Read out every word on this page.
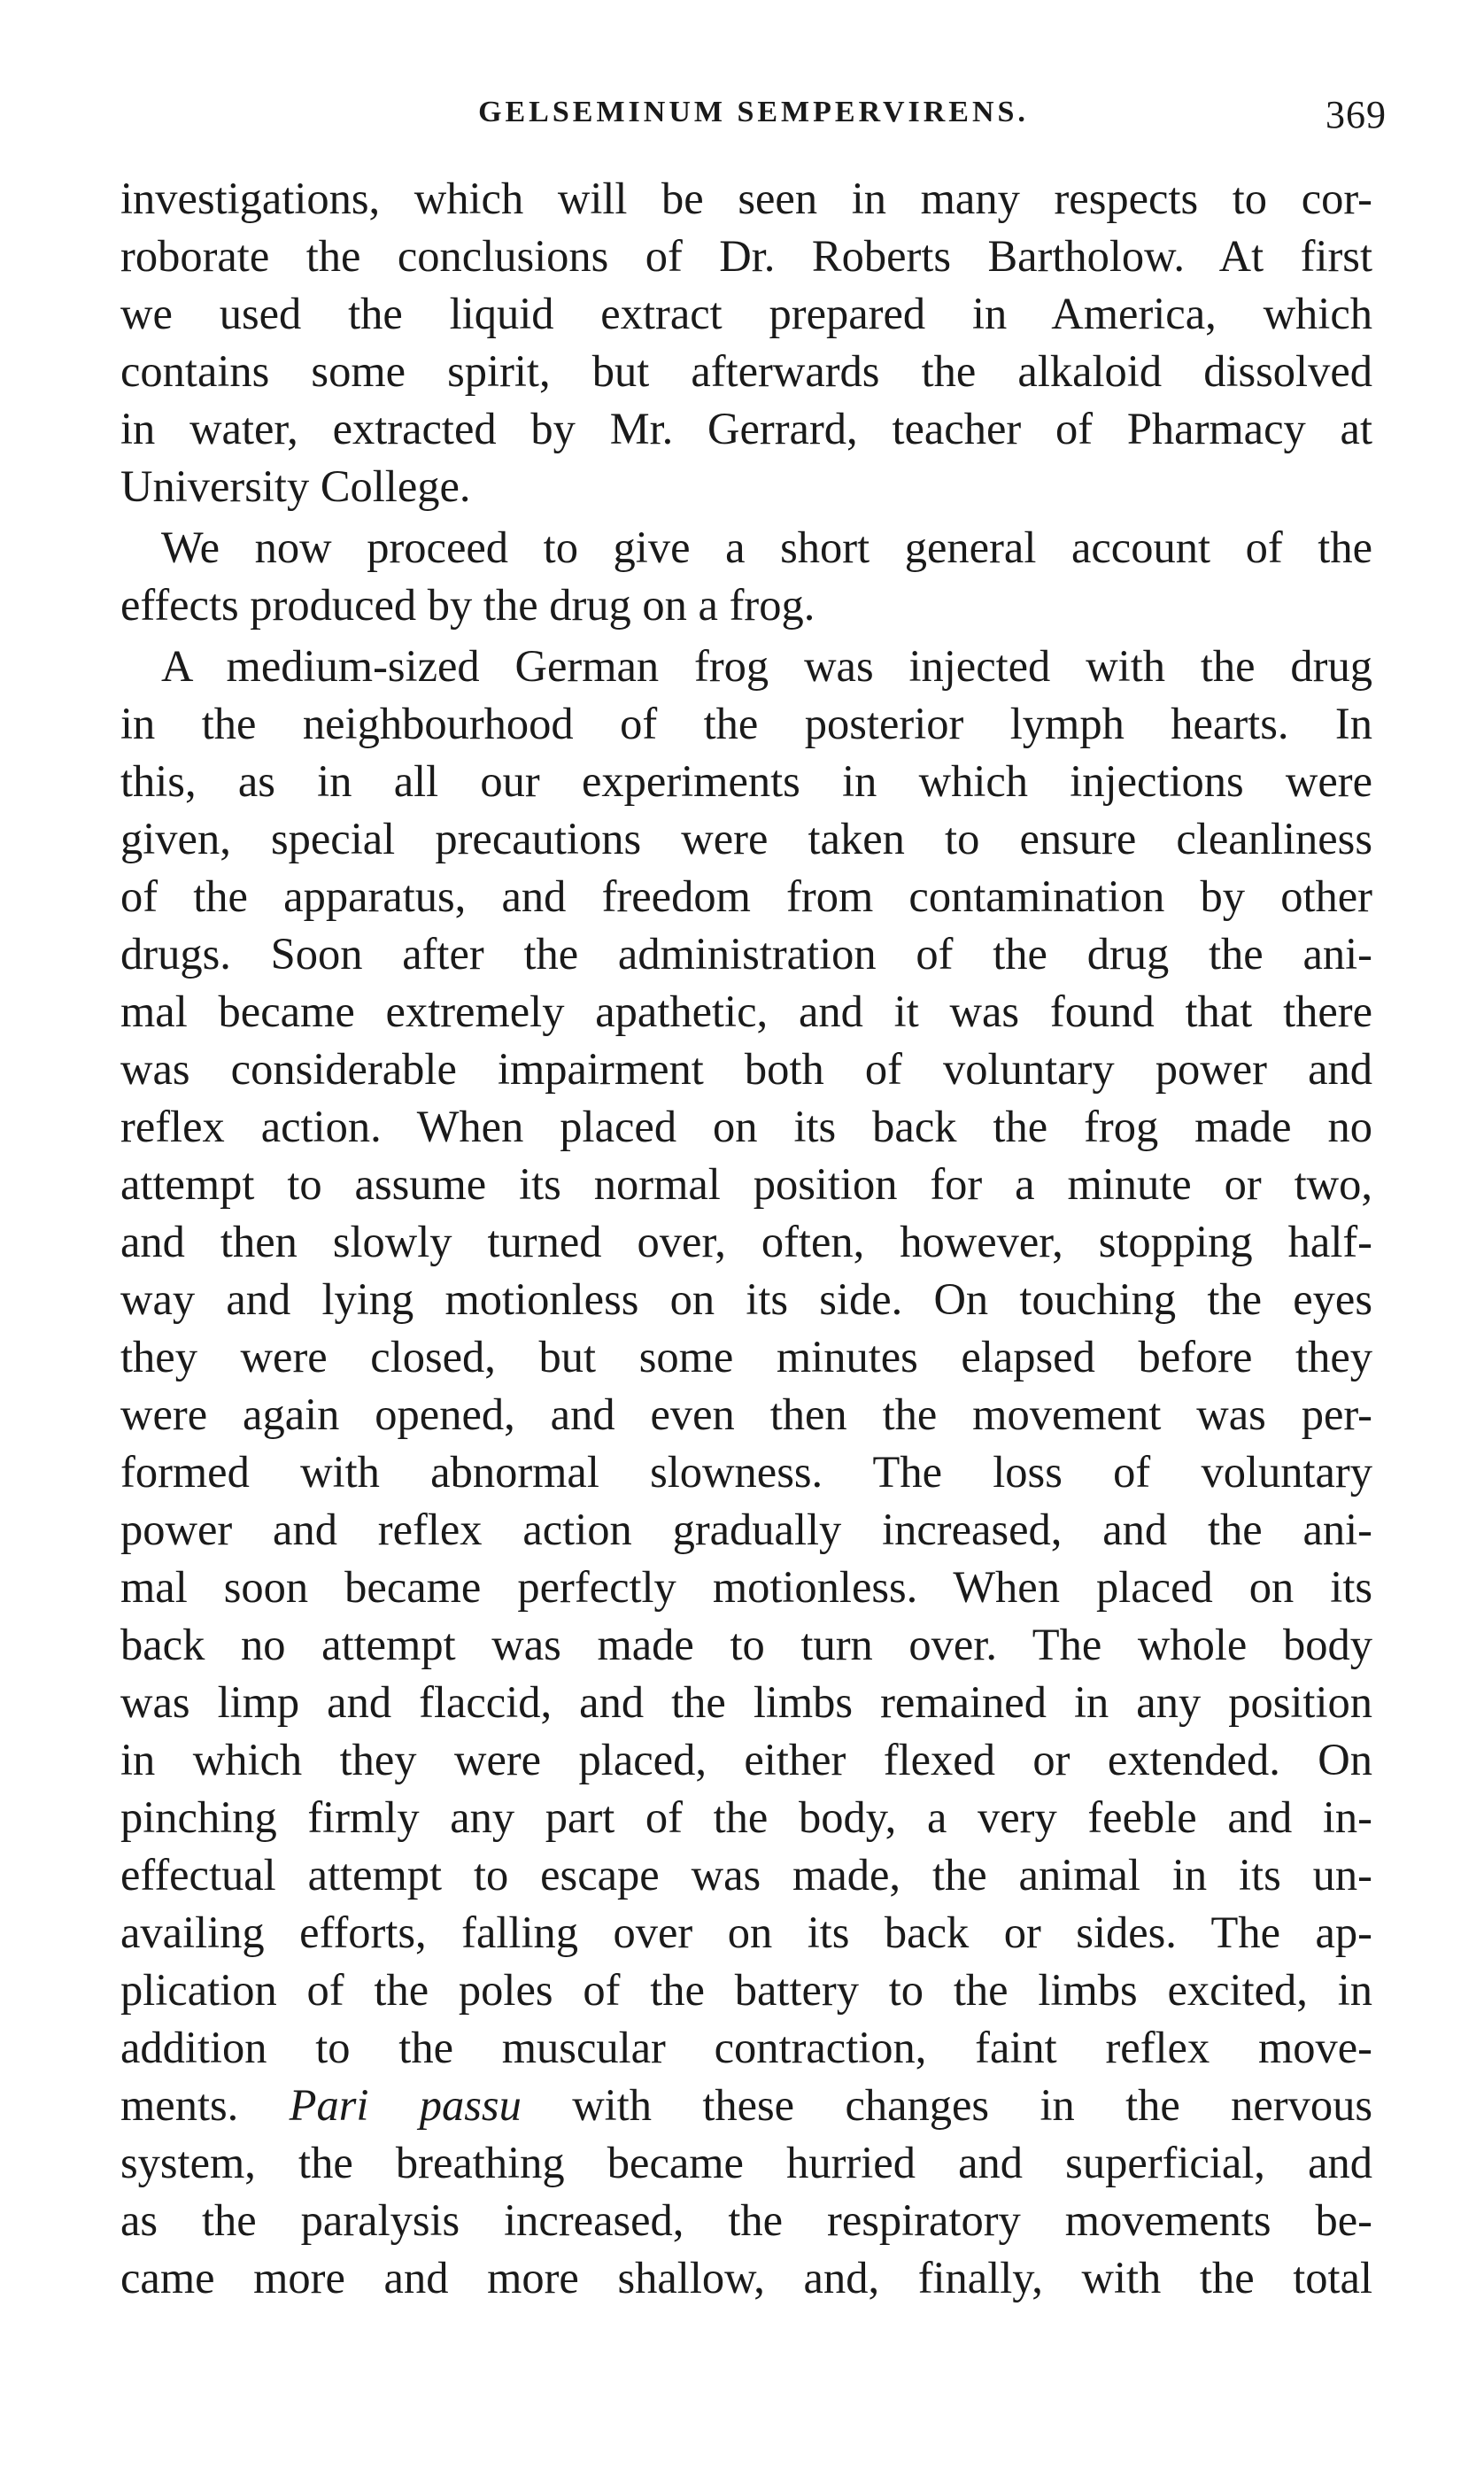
GELSEMINUM SEMPERVIRENS.	369
investigations, which will be seen in many respects to cor-
roborate the conclusions of Dr. Roberts Bartholow. At first
we used the liquid extract prepared in America, which
contains some spirit, but afterwards the alkaloid dissolved
in water, extracted by Mr. Gerrard, teacher of Pharmacy at
University College.
We now proceed to give a short general account of the
effects produced by the drug on a frog.
A medium-sized German frog was injected with the drug
in the neighbourhood of the posterior lymph hearts. In
this, as in all our experiments in which injections were
given, special precautions were taken to ensure cleanliness
of the apparatus, and freedom from contamination by other
drugs. Soon after the administration of the drug the ani-
mal became extremely apathetic, and it was found that there
was considerable impairment both of voluntary power and
reflex action. When placed on its back the frog made no
attempt to assume its normal position for a minute or two,
and then slowly turned over, often, however, stopping half-
way and lying motionless on its side. On touching the eyes
they were closed, but some minutes elapsed before they
were again opened, and even then the movement was per-
formed with abnormal slowness. The loss of voluntary
power and reflex action gradually increased, and the ani-
mal soon became perfectly motionless. When placed on its
back no attempt was made to turn over. The whole body
was limp and flaccid, and the limbs remained in any position
in which they were placed, either flexed or extended. On
pinching firmly any part of the body, a very feeble and in-
effectual attempt to escape was made, the animal in its un-
availing efforts, falling over on its back or sides. The ap-
plication of the poles of the battery to the limbs excited, in
addition to the muscular contraction, faint reflex move-
ments. Pari passu with these changes in the nervous
system, the breathing became hurried and superficial, and
as the paralysis increased, the respiratory movements be-
came more and more shallow, and, finally, with the total
